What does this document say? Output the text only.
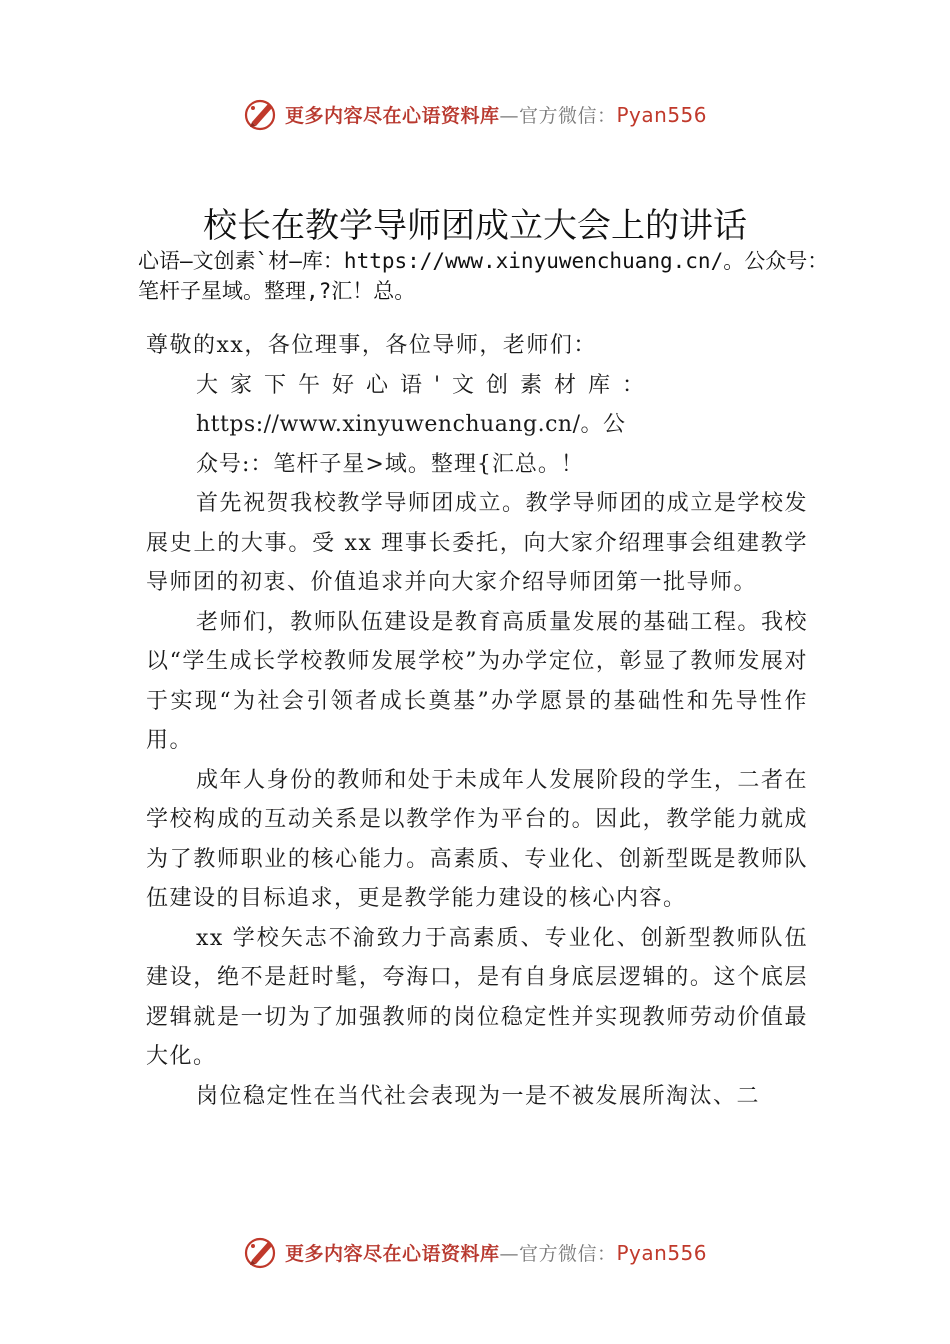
更多内容尽在心语资料库—官方微信：Pyan556
校长在教学导师团成立大会上的讲话
心语—文创素`材—库：https://www.xinyuwenchuang.cn/。公众号：笔杆子星域。整理,?汇！总。

尊敬的xx，各位理事，各位导师，老师们：

大家下午好心语'文创素材库：

https://www.xinyuwenchuang.cn/。公

众号:：笔杆子星>域。整理{汇总。！

首先祝贺我校教学导师团成立。教学导师团的成立是学校发展史上的大事。受 xx 理事长委托，向大家介绍理事会组建教学导师团的初衷、价值追求并向大家介绍导师团第一批导师。

老师们，教师队伍建设是教育高质量发展的基础工程。我校以“学生成长学校教师发展学校”为办学定位，彰显了教师发展对于实现“为社会引领者成长奠基”办学愿景的基础性和先导性作用。

成年人身份的教师和处于未成年人发展阶段的学生，二者在学校构成的互动关系是以教学作为平台的。因此，教学能力就成为了教师职业的核心能力。高素质、专业化、创新型既是教师队伍建设的目标追求，更是教学能力建设的核心内容。

xx 学校矢志不渝致力于高素质、专业化、创新型教师队伍建设，绝不是赶时髦，夸海口，是有自身底层逻辑的。这个底层逻辑就是一切为了加强教师的岗位稳定性并实现教师劳动价值最大化。

岗位稳定性在当代社会表现为一是不被发展所淘汰、二

更多内容尽在心语资料库—官方微信：Pyan556
